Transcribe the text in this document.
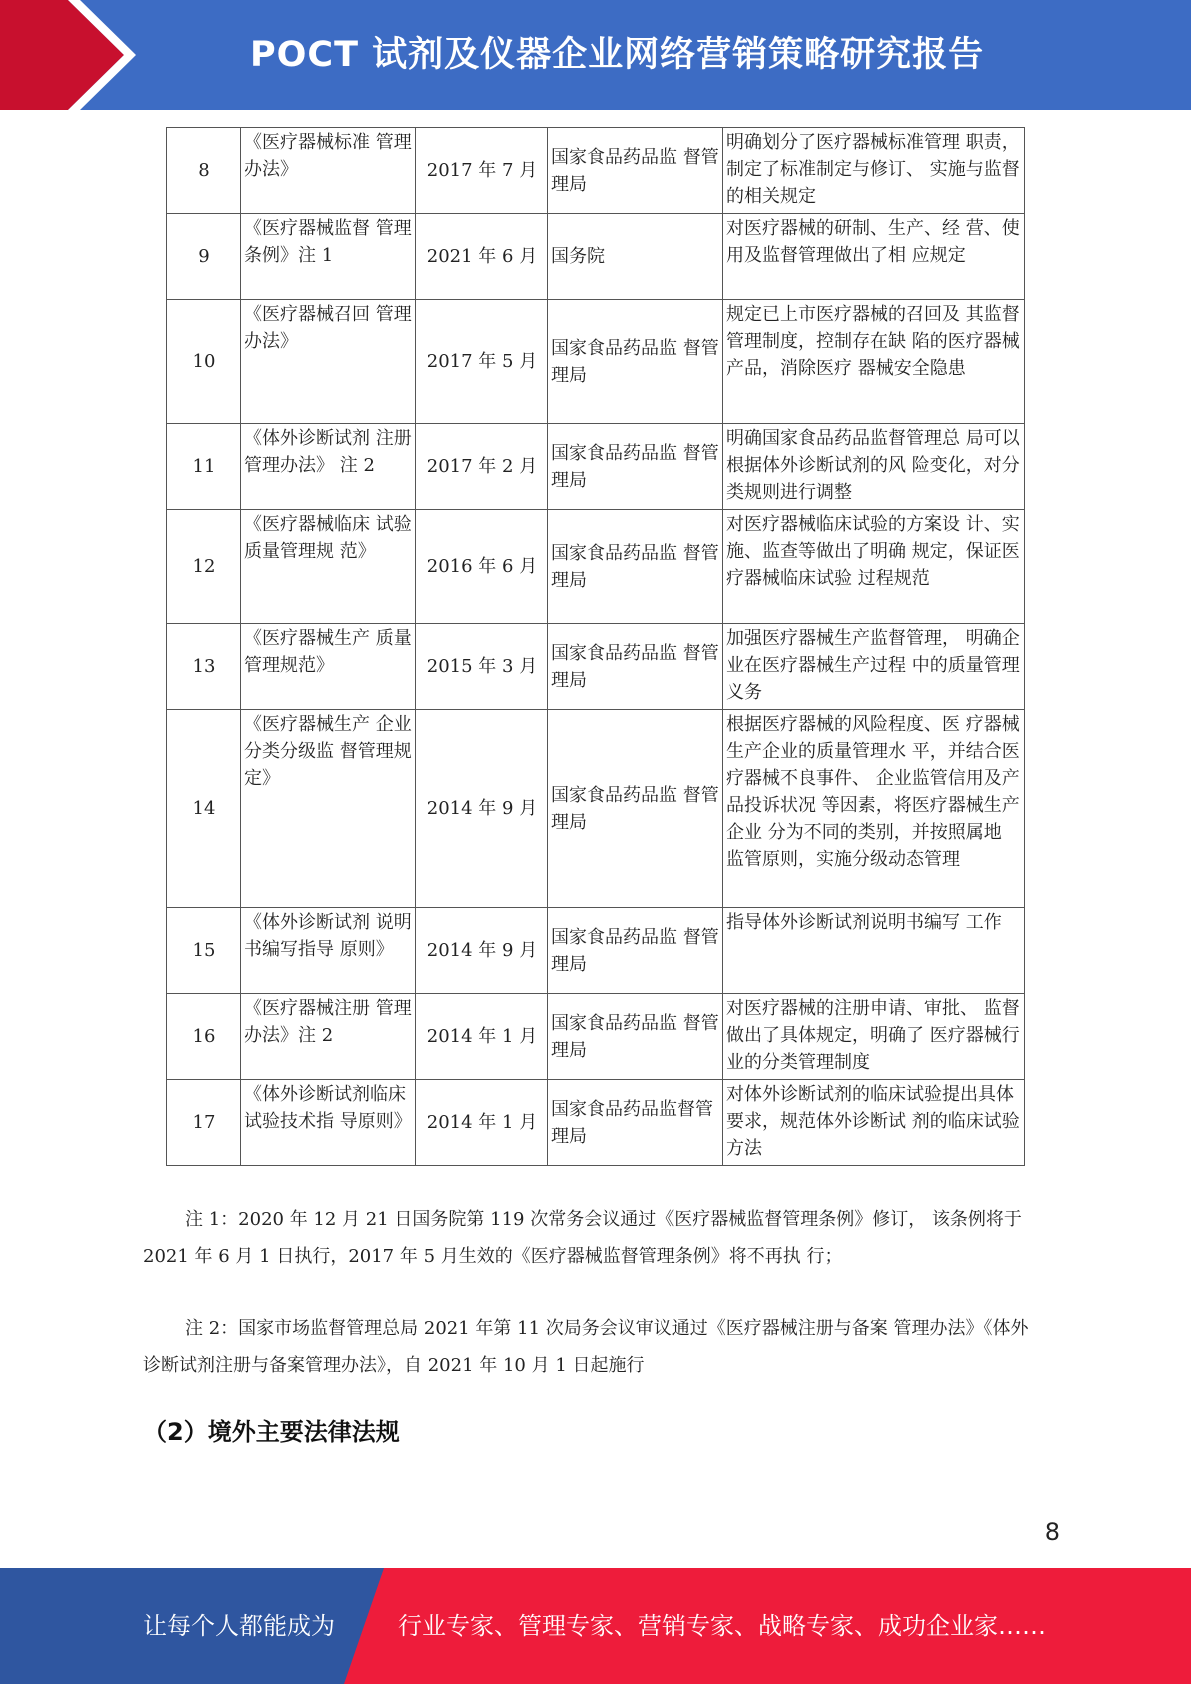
POCT 试剂及仪器企业网络营销策略研究报告
8	《医疗器械标准 管理办法》	2017 年 7 月	国家食品药品监 督管理局	明确划分了医疗器械标准管理 职责，制定了标准制定与修订、 实施与监督的相关规定
9	《医疗器械监督 管理条例》注 1	2021 年 6 月	国务院	对医疗器械的研制、生产、经 营、使用及监督管理做出了相 应规定
10	《医疗器械召回 管理办法》	2017 年 5 月	国家食品药品监 督管理局	规定已上市医疗器械的召回及 其监督管理制度，控制存在缺 陷的医疗器械产品，消除医疗 器械安全隐患
11	《体外诊断试剂 注册管理办法》 注 2	2017 年 2 月	国家食品药品监 督管理局	明确国家食品药品监督管理总 局可以根据体外诊断试剂的风 险变化，对分类规则进行调整
12	《医疗器械临床 试验质量管理规 范》	2016 年 6 月	国家食品药品监 督管理局	对医疗器械临床试验的方案设 计、实施、监查等做出了明确 规定，保证医疗器械临床试验 过程规范
13	《医疗器械生产 质量管理规范》	2015 年 3 月	国家食品药品监 督管理局	加强医疗器械生产监督管理， 明确企业在医疗器械生产过程 中的质量管理义务
14	《医疗器械生产 企业分类分级监 督管理规定》	2014 年 9 月	国家食品药品监 督管理局	根据医疗器械的风险程度、医 疗器械生产企业的质量管理水 平，并结合医疗器械不良事件、 企业监管信用及产品投诉状况 等因素，将医疗器械生产企业 分为不同的类别，并按照属地 监管原则，实施分级动态管理
15	《体外诊断试剂 说明书编写指导 原则》	2014 年 9 月	国家食品药品监 督管理局	指导体外诊断试剂说明书编写 工作
16	《医疗器械注册 管理办法》注 2	2014 年 1 月	国家食品药品监 督管理局	对医疗器械的注册申请、审批、 监督做出了具体规定，明确了 医疗器械行业的分类管理制度
17	《体外诊断试剂临床试验技术指 导原则》	2014 年 1 月	国家食品药品监督管理局	对体外诊断试剂的临床试验提出具体要求，规范体外诊断试 剂的临床试验方法
注 1：2020 年 12 月 21 日国务院第 119 次常务会议通过《医疗器械监督管理条例》修订， 该条例将于 2021 年 6 月 1 日执行，2017 年 5 月生效的《医疗器械监督管理条例》将不再执 行；
注 2：国家市场监督管理总局 2021 年第 11 次局务会议审议通过《医疗器械注册与备案 管理办法》《体外诊断试剂注册与备案管理办法》，自 2021 年 10 月 1 日起施行
（2）境外主要法律法规
8
让每个人都能成为	行业专家、管理专家、营销专家、战略专家、成功企业家……
